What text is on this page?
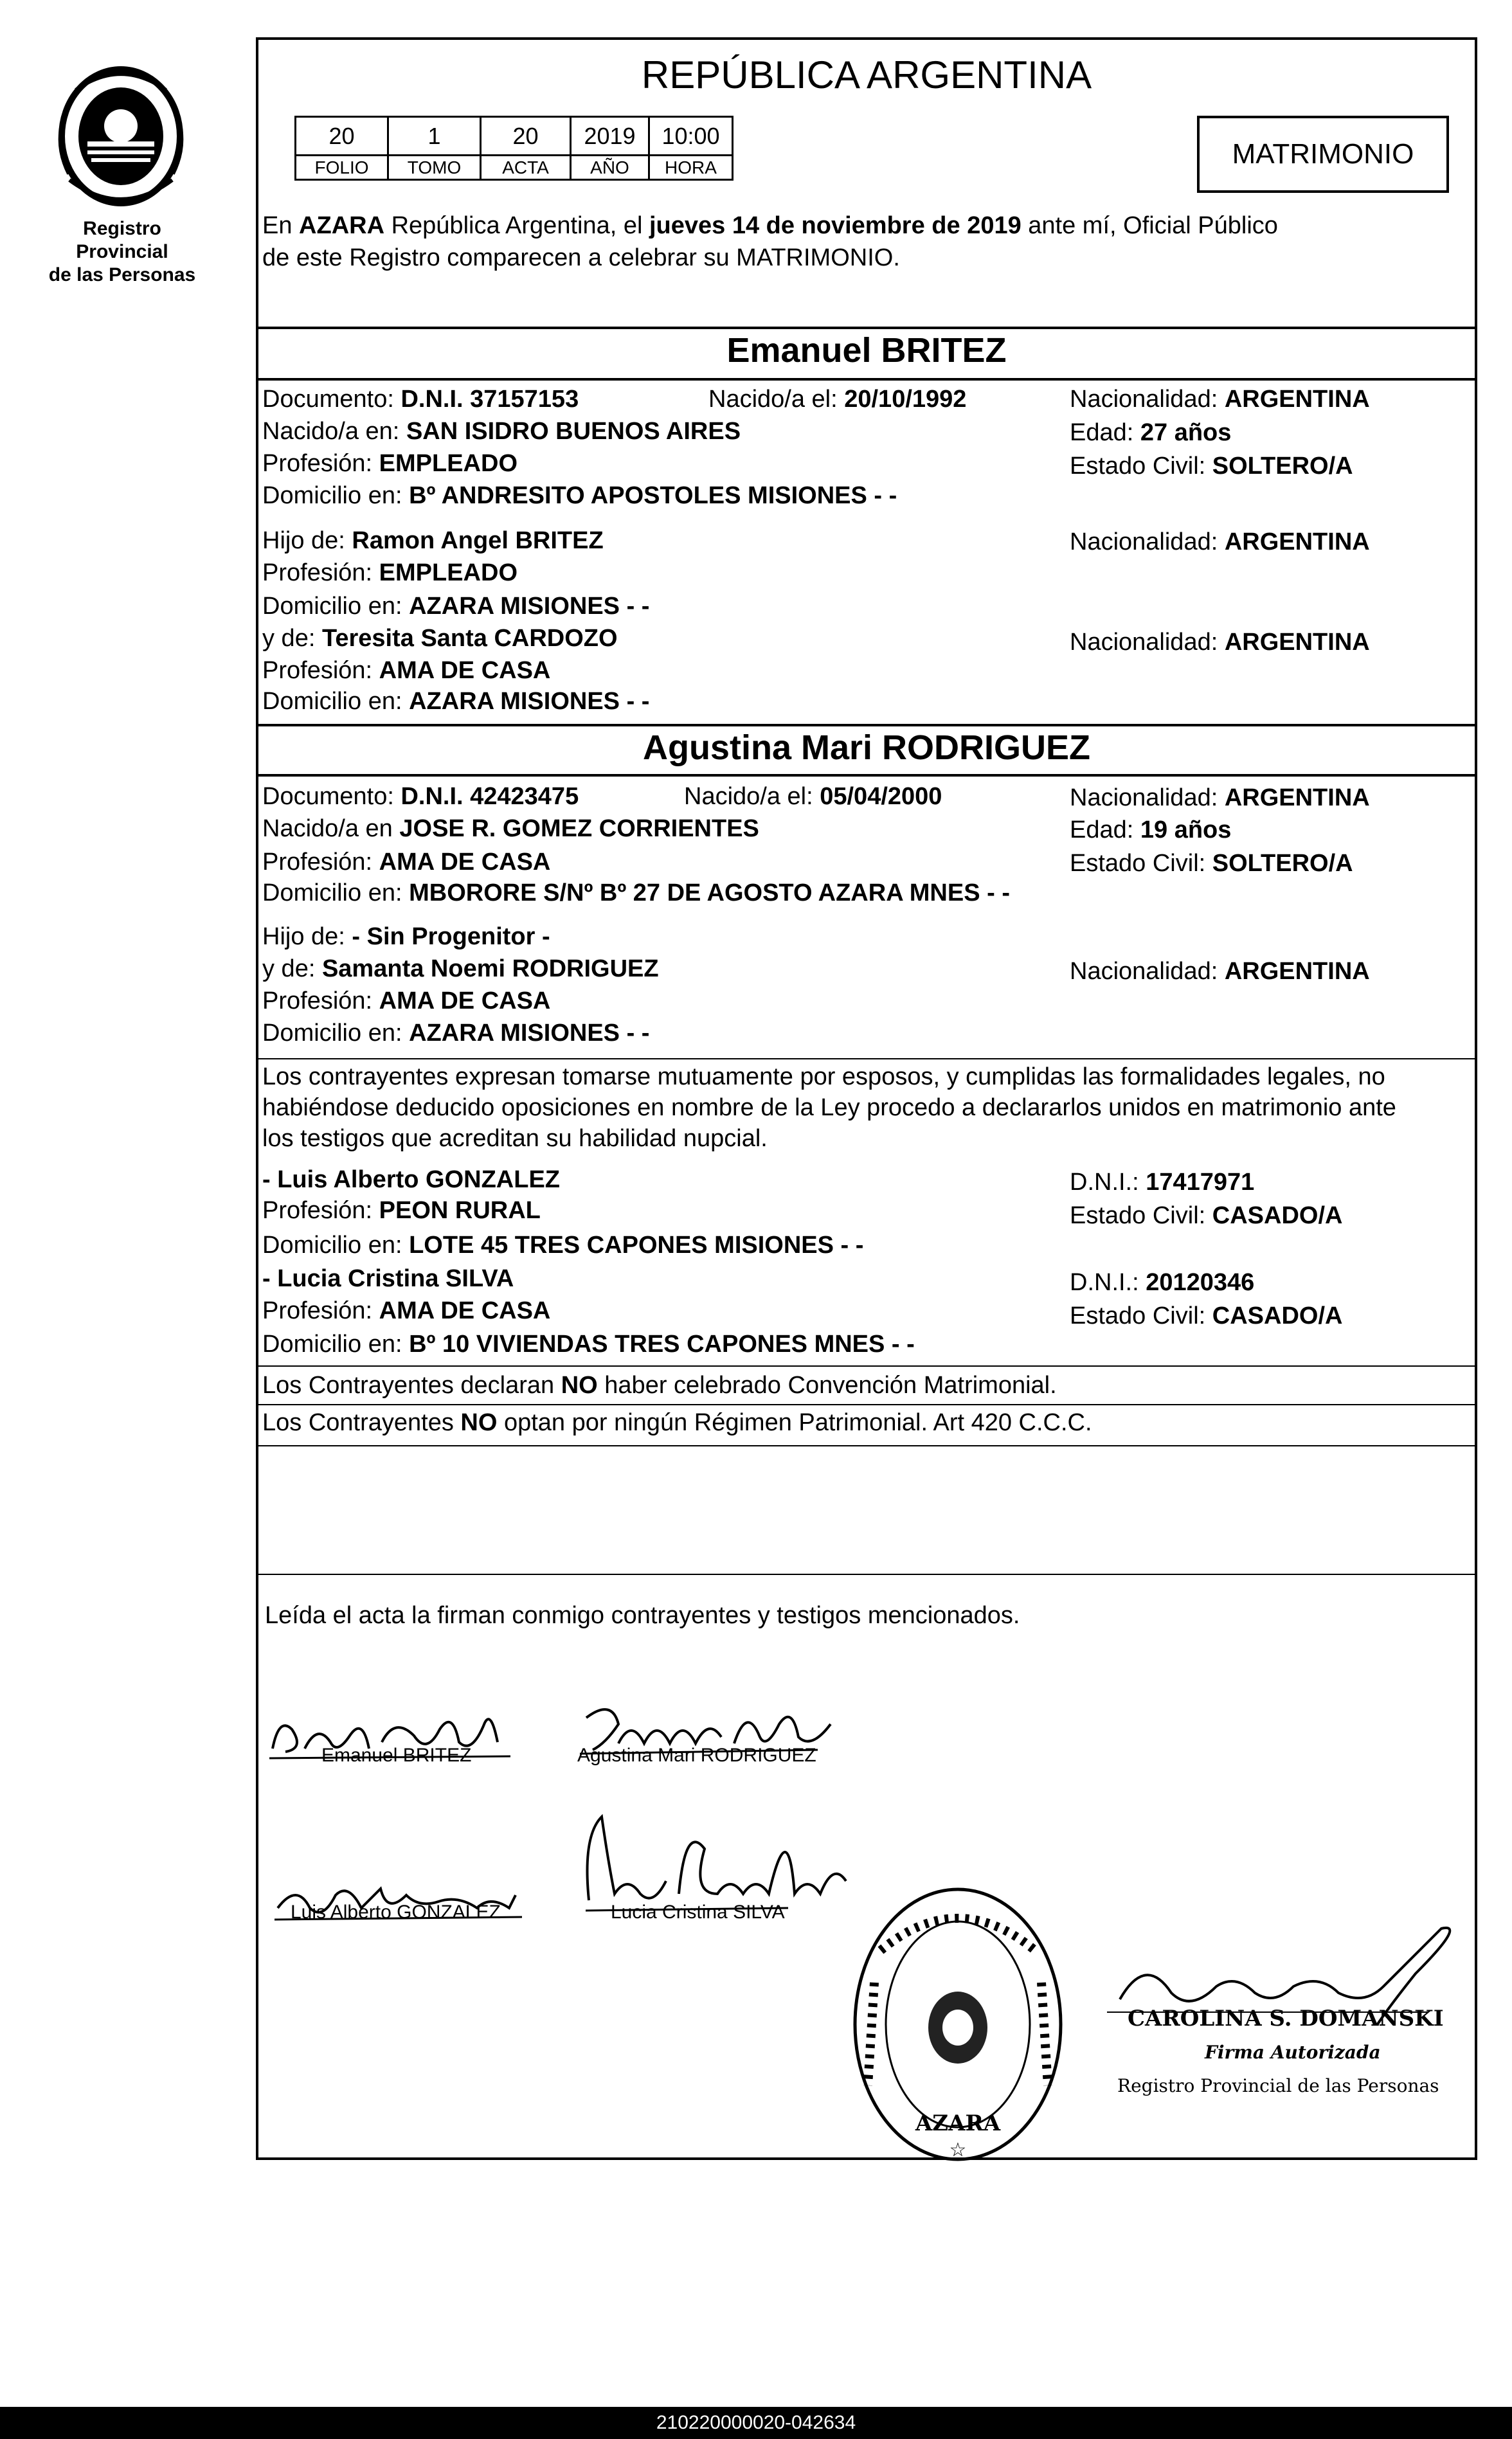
Registro Provincial
de las Personas
REPÚBLICA ARGENTINA
20	1	20	2019	10:00
FOLIO	TOMO	ACTA	AÑO	HORA	MATRIMONIO
En AZARA República Argentina, el jueves 14 de noviembre de 2019 ante mí, Oficial Público
de este Registro comparecen a celebrar su MATRIMONIO.
Emanuel BRITEZ
Documento: D.N.I. 37157153	Nacido/a el: 20/10/1992	Nacionalidad: ARGENTINA
Nacido/a en: SAN ISIDRO BUENOS AIRES	Edad: 27 años
Profesión: EMPLEADO	Estado Civil: SOLTERO/A
Domicilio en: Bº ANDRESITO APOSTOLES MISIONES - -
Hijo de: Ramon Angel BRITEZ	Nacionalidad: ARGENTINA
Profesión: EMPLEADO
Domicilio en: AZARA MISIONES - -
y de: Teresita Santa CARDOZO	Nacionalidad: ARGENTINA
Profesión: AMA DE CASA
Domicilio en: AZARA MISIONES - -
Agustina Mari RODRIGUEZ
Documento: D.N.I. 42423475	Nacido/a el: 05/04/2000	Nacionalidad: ARGENTINA
Nacido/a en JOSE R. GOMEZ CORRIENTES	Edad: 19 años
Profesión: AMA DE CASA	Estado Civil: SOLTERO/A
Domicilio en: MBORORE S/Nº Bº 27 DE AGOSTO AZARA MNES - -
Hijo de: - Sin Progenitor -
y de: Samanta Noemi RODRIGUEZ	Nacionalidad: ARGENTINA
Profesión: AMA DE CASA
Domicilio en: AZARA MISIONES - -
Los contrayentes expresan tomarse mutuamente por esposos, y cumplidas las formalidades legales, no
habiéndose deducido oposiciones en nombre de la Ley procedo a declararlos unidos en matrimonio ante
los testigos que acreditan su habilidad nupcial.
- Luis Alberto GONZALEZ	D.N.I.: 17417971
Profesión: PEON RURAL	Estado Civil: CASADO/A
Domicilio en: LOTE 45 TRES CAPONES MISIONES - -
- Lucia Cristina SILVA	D.N.I.: 20120346
Profesión: AMA DE CASA	Estado Civil: CASADO/A
Domicilio en: Bº 10 VIVIENDAS TRES CAPONES MNES - -
Los Contrayentes declaran NO haber celebrado Convención Matrimonial.
Los Contrayentes NO optan por ningún Régimen Patrimonial. Art 420 C.C.C.
Leída el acta la firman conmigo contrayentes y testigos mencionados.
Emanuel BRITEZ	Agustina Mari RODRIGUEZ
Luis Alberto GONZALEZ	Lucia Cristina SILVA
AZARA
☆
CAROLINA S. DOMANSKI
Firma Autorizada
Registro Provincial de las Personas
210220000020-042634
